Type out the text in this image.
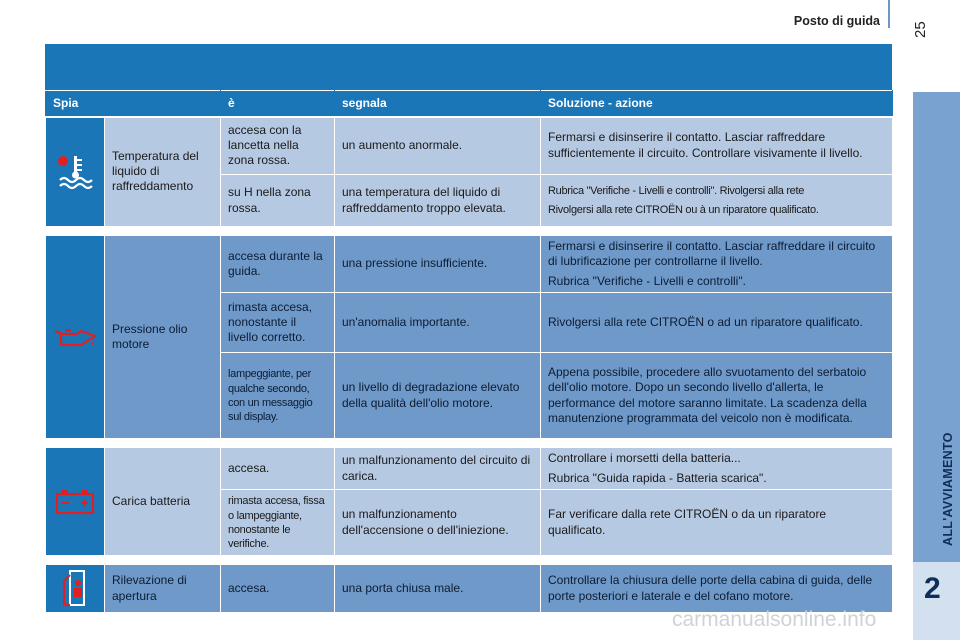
Posto di guida
25
ALL'AVVIAMENTO
2
Spia		è	segnala	Soluzione - azione

	Temperatura del liquido di raffreddamento	accesa con la lancetta nella zona rossa.	un aumento anormale.	Fermarsi e disinserire il contatto. Lasciar raffreddare sufficientemente il circuito. Controllare visivamente il livello.
		su H nella zona rossa.	una temperatura del liquido di raffreddamento troppo elevata.	Rubrica "Verifiche - Livelli e controlli". Rivolgersi alla rete
Rivolgersi alla rete CITROËN ou à un riparatore qualificato.

	Pressione olio motore	accesa durante la guida.	una pressione insufficiente.	Fermarsi e disinserire il contatto. Lasciar raffreddare il circuito di lubrificazione per controllarne il livello.
Rubrica "Verifiche - Livelli e controlli".

		rimasta accesa, nonostante il livello corretto.	un'anomalia importante.	Rivolgersi alla rete CITROËN o ad un riparatore qualificato.
		lampeggiante, per qualche secondo, con un messaggio sul display.	un livello di degradazione elevato della qualità dell'olio motore.	Appena possibile, procedere allo svuotamento del serbatoio dell'olio motore. Dopo un secondo livello d'allerta, le performance del motore saranno limitate. La scadenza della manutenzione programmata del veicolo non è modificata.

	Carica batteria	accesa.	un malfunzionamento del circuito di carica.	Controllare i morsetti della batteria...
Rubrica "Guida rapida - Batteria scarica".

		rimasta accesa, fissa o lampeggiante, nonostante le verifiche.	un malfunzionamento dell'accensione o dell'iniezione.	Far verificare dalla rete CITROËN o da un riparatore qualificato.

	Rilevazione di apertura	accesa.	una porta chiusa male.	Controllare la chiusura delle porte della cabina di guida, delle porte posteriori e laterale e del cofano motore.
carmanualsonline.info
